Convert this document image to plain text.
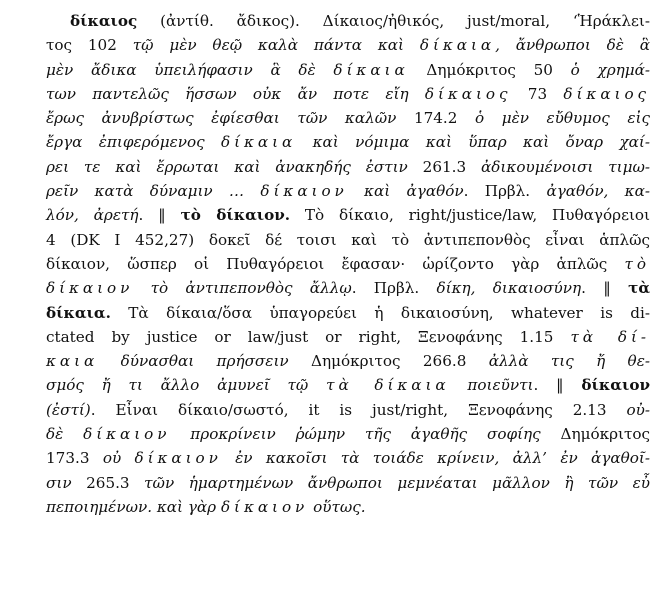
δίκαιος (ἀντίθ. ἄδικος). Δίκαιος/ἠθικός, just/moral, ‘Ἡράκλει-
τος 102 τῷ μὲν θεῷ καλὰ πάντα καὶ δίκαια, ἄνθρωποι δὲ ἃ
μὲν ἄδικα ὑπειλήφασιν ἃ δὲ δίκαια Δημόκριτος 50 ὁ χρημά-
των παντελῶς ἥσσων οὐκ ἄν ποτε εἴη δίκαιος 73 δίκαιος
ἔρως ἀνυβρίστως ἐφίεσθαι τῶν καλῶν 174.2 ὁ μὲν εὔθυμος εἰς
ἔργα ἐπιφερόμενος δίκαια καὶ νόμιμα καὶ ὕπαρ καὶ ὄναρ χαί-
ρει τε καὶ ἔρρωται καὶ ἀνακηδής ἐστιν 261.3 ἀδικουμένοισι τιμω-
ρεῖν κατὰ δύναμιν … δίκαιον καὶ ἀγαθόν. Πρβλ. ἀγαθόν, κα-
λόν, ἀρετή. ‖ τὸ δίκαιον. Τὸ δίκαιο, right/justice/law, Πυθαγόρειοι
4 (DK I 452,27) δοκεῖ δέ τοισι καὶ τὸ ἀντιπεπονθὸς εἶναι ἁπλῶς
δίκαιον, ὥσπερ οἱ Πυθαγόρειοι ἔφασαν· ὡρίζοντο γὰρ ἁπλῶς τὸ
δίκαιον τὸ ἀντιπεπονθὸς ἄλλῳ. Πρβλ. δίκη, δικαιοσύνη. ‖ τὰ
δίκαια. Τὰ δίκαια/ὅσα ὑπαγορεύει ἡ δικαιοσύνη, whatever is di-
ctated by justice or law/just or right, Ξενοφάνης 1.15 τὰ δί-
καια δύνασθαι πρήσσειν Δημόκριτος 266.8 ἀλλὰ τις ἤ θε-
σμός ἤ τι ἄλλο ἀμυνεῖ τῷ τὰ δίκαια ποιεῦντι. ‖ δίκαιον
(ἐστί). Εἶναι δίκαιο/σωστό, it is just/right, Ξενοφάνης 2.13 οὐ-
δὲ δίκαιον προκρίνειν ῥώμην τῆς ἀγαθῆς σοφίης Δημόκριτος
173.3 οὐ δίκαιον ἐν κακοῖσι τὰ τοιάδε κρίνειν, ἀλλ’ ἐν ἀγαθοῖ-
σιν 265.3 τῶν ἡμαρτημένων ἄνθρωποι μεμνέαται μᾶλλον ἢ τῶν εὖ
πεποιημένων. καὶ γὰρ δίκαιον οὕτως.
